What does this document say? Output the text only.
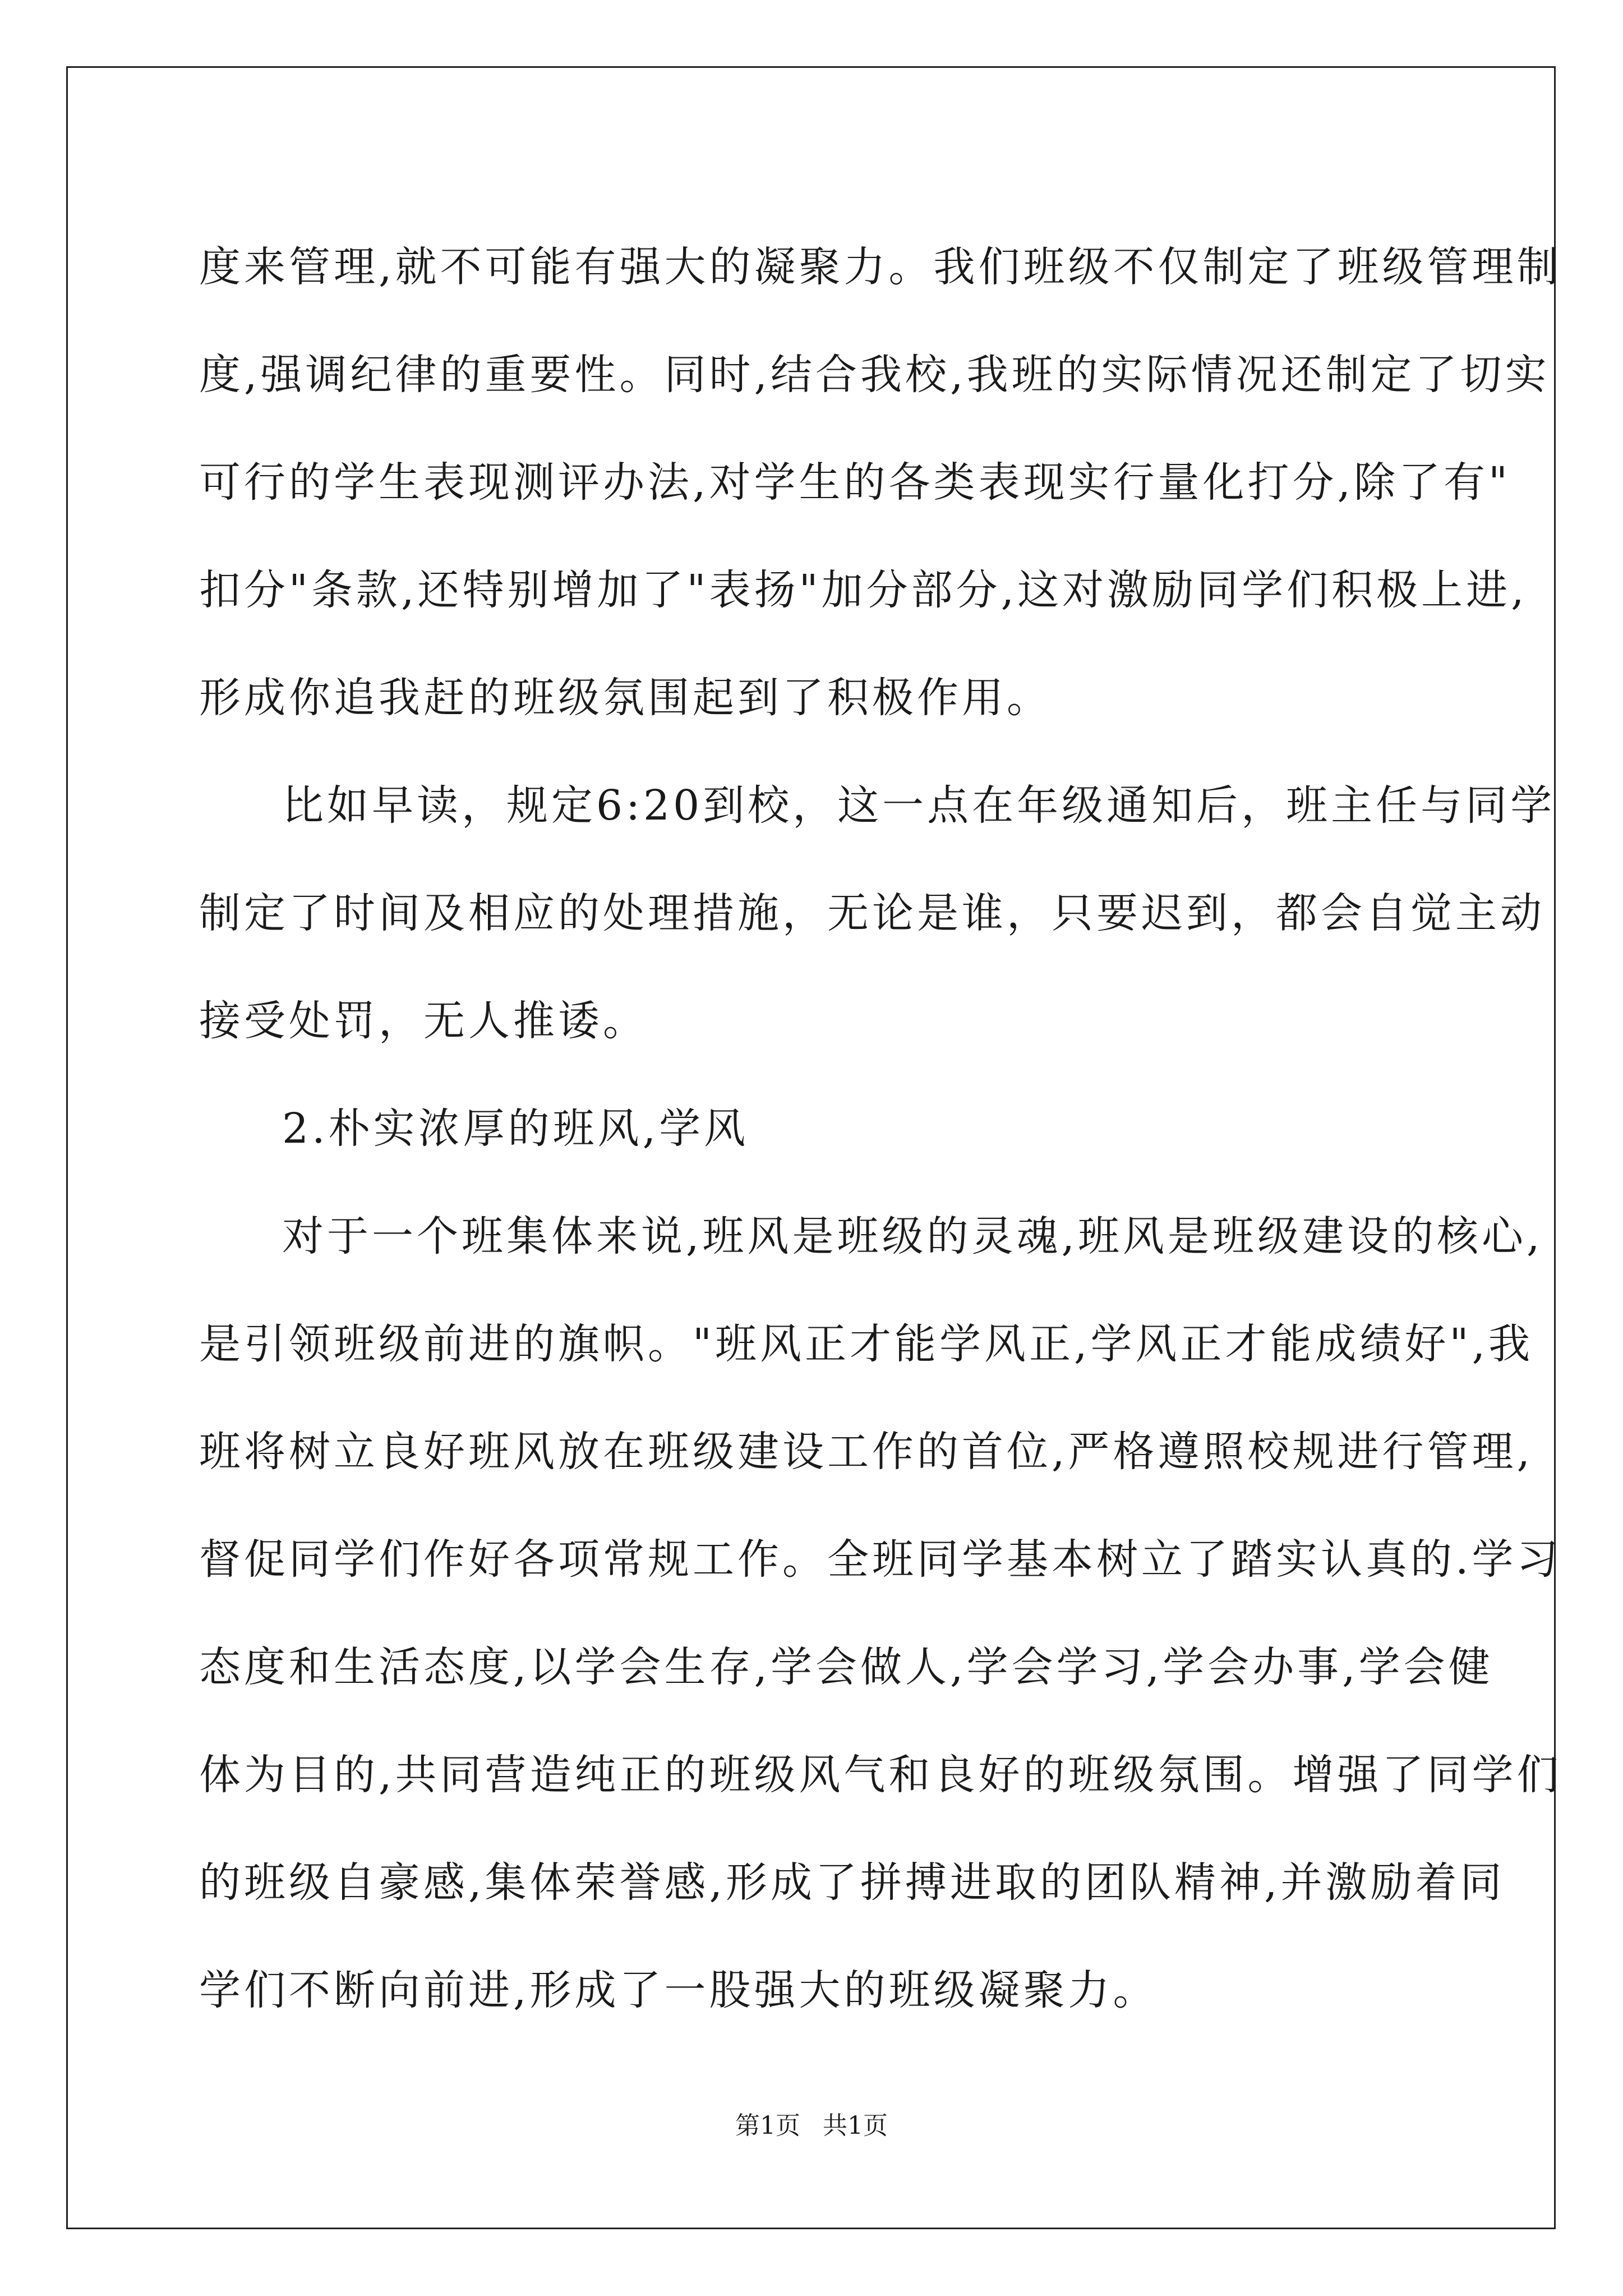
度来管理,就不可能有强大的凝聚力。我们班级不仅制定了班级管理制
度,强调纪律的重要性。同时,结合我校,我班的实际情况还制定了切实
可行的学生表现测评办法,对学生的各类表现实行量化打分,除了有"
扣分"条款,还特别增加了"表扬"加分部分,这对激励同学们积极上进,
形成你追我赶的班级氛围起到了积极作用。
比如早读，规定6:20到校，这一点在年级通知后，班主任与同学
制定了时间及相应的处理措施，无论是谁，只要迟到，都会自觉主动
接受处罚，无人推诿。
2.朴实浓厚的班风,学风
对于一个班集体来说,班风是班级的灵魂,班风是班级建设的核心,
是引领班级前进的旗帜。"班风正才能学风正,学风正才能成绩好",我
班将树立良好班风放在班级建设工作的首位,严格遵照校规进行管理,
督促同学们作好各项常规工作。全班同学基本树立了踏实认真的.学习
态度和生活态度,以学会生存,学会做人,学会学习,学会办事,学会健
体为目的,共同营造纯正的班级风气和良好的班级氛围。增强了同学们
的班级自豪感,集体荣誉感,形成了拼搏进取的团队精神,并激励着同
学们不断向前进,形成了一股强大的班级凝聚力。
第1页 共1页
